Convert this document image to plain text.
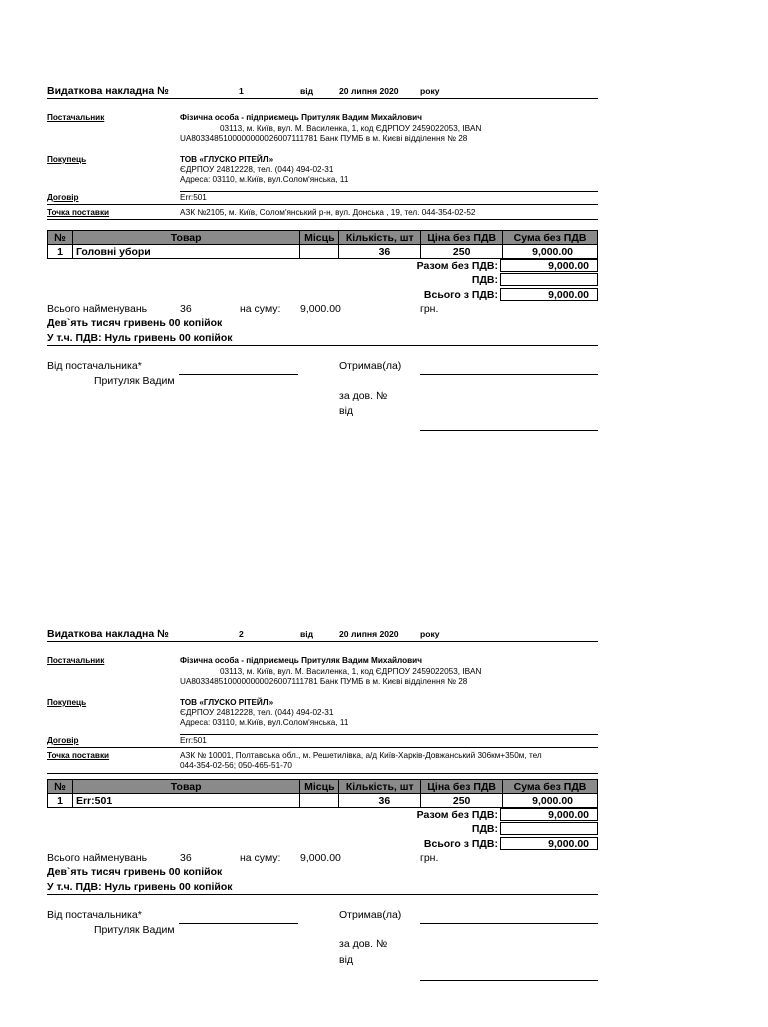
Видаткова накладна №	1	від	20 липня 2020 року
Постачальник	Фізична особа - підприємець Притуляк Вадим Михайлович
03113, м. Київ, вул. М. Василенка, 1, код ЄДРПОУ 2459022053, IBAN
UA8033485100000000026007111781 Банк ПУМБ в м. Києві відділення № 28
Покупець	ТОВ «ГЛУСКО РІТЕЙЛ»
ЄДРПОУ 24812228, тел. (044) 494-02-31
Адреса: 03110, м.Київ, вул.Солом'янська, 11
Договір	Err:501
Точка поставки	АЗК №2105, м. Київ, Солом'янський р-н, вул. Донська , 19, тел. 044-354-02-52
№	Товар	Місць	Кількість, шт	Ціна без ПДВ	Сума без ПДВ
1	Головні убори		36	250	9,000.00
Разом без ПДВ:	9,000.00
ПДВ:
Всього з ПДВ:	9,000.00
Всього найменувань	36	на суму: 9,000.00	грн.
Дев`ять тисяч гривень 00 копійок
У т.ч. ПДВ: Нуль гривень 00 копійок
Від постачальника*
Притуляк Вадим
Отримав(ла)
за дов. №
від
Видаткова накладна №	2	від	20 липня 2020 року
Постачальник	Фізична особа - підприємець Притуляк Вадим Михайлович
03113, м. Київ, вул. М. Василенка, 1, код ЄДРПОУ 2459022053, IBAN
UA8033485100000000026007111781 Банк ПУМБ в м. Києві відділення № 28
Покупець	ТОВ «ГЛУСКО РІТЕЙЛ»
ЄДРПОУ 24812228, тел. (044) 494-02-31
Адреса: 03110, м.Київ, вул.Солом'янська, 11
Договір	Err:501
Точка поставки	АЗК № 10001, Полтавська обл., м. Решетилівка, а/д Київ-Харків-Довжанський 306км+350м, тел
044-354-02-56; 050-465-51-70
№	Товар	Місць	Кількість, шт	Ціна без ПДВ	Сума без ПДВ
1	Err:501		36	250	9,000.00
Разом без ПДВ:	9,000.00
ПДВ:
Всього з ПДВ:	9,000.00
Всього найменувань	36	на суму: 9,000.00	грн.
Дев`ять тисяч гривень 00 копійок
У т.ч. ПДВ: Нуль гривень 00 копійок
Від постачальника*
Притуляк Вадим
Отримав(ла)
за дов. №
від
